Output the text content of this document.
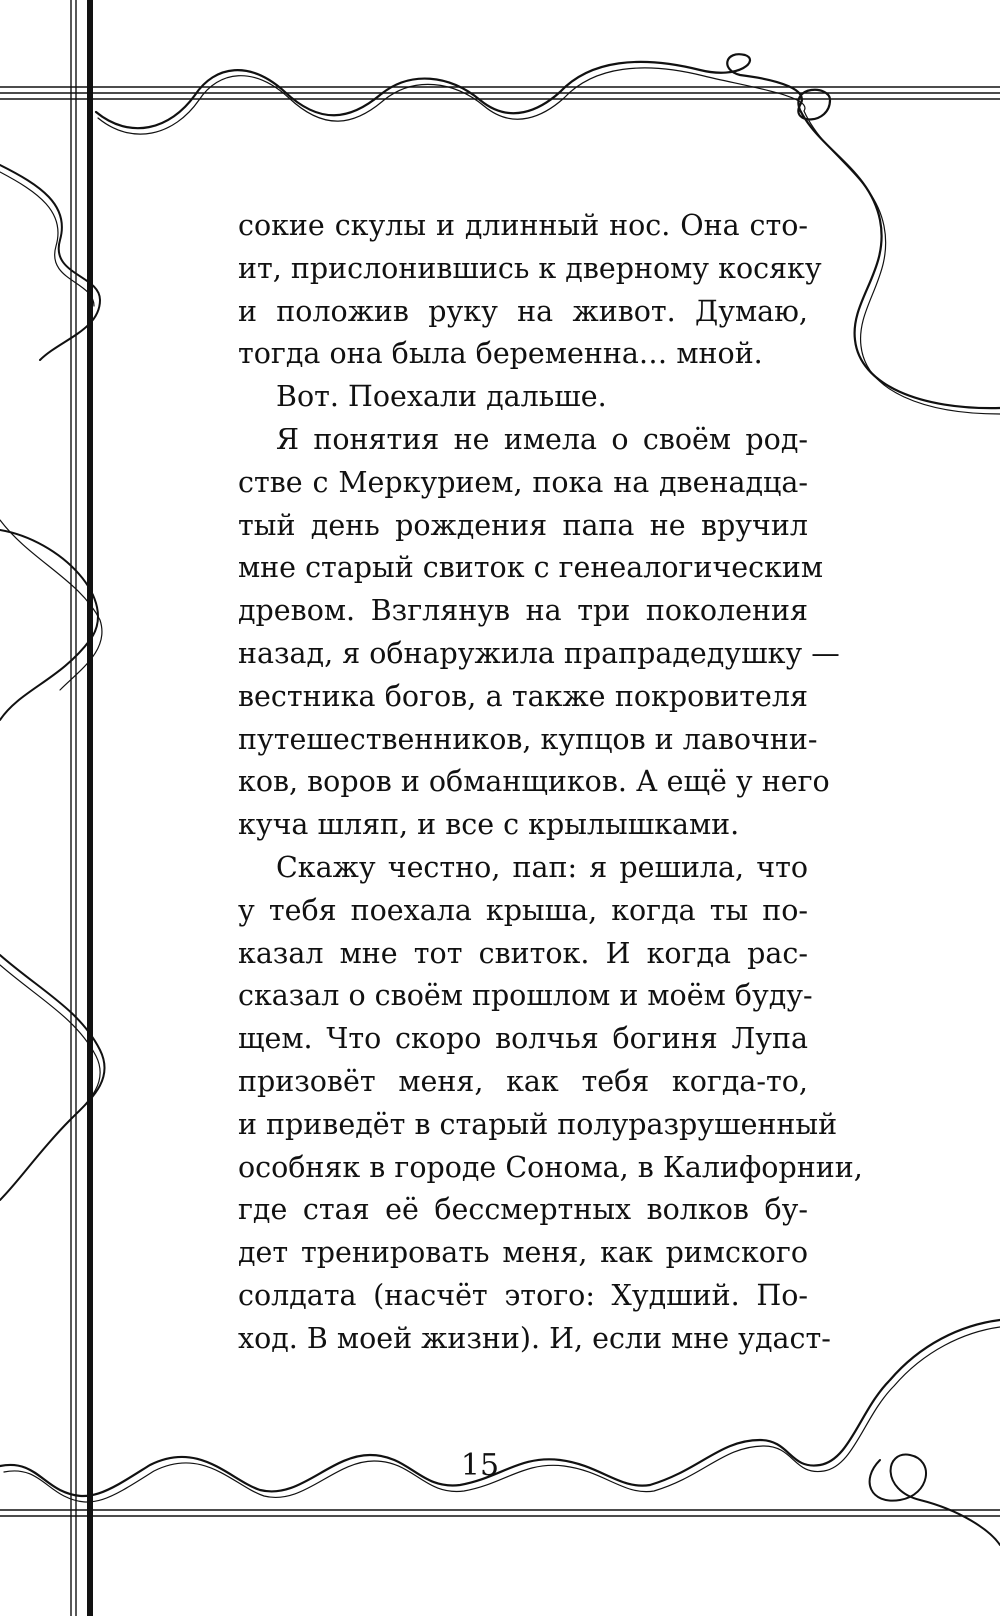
сокие скулы и длинный нос. Она сто-
ит, прислонившись к дверному косяку
и положив руку на живот. Думаю,
тогда она была беременна… мной.
Вот. Поехали дальше.
Я понятия не имела о своём род-
стве с Меркурием, пока на двенадца-
тый день рождения папа не вручил
мне старый свиток с генеалогическим
древом. Взглянув на три поколения
назад, я обнаружила прапрадедушку —
вестника богов, а также покровителя
путешественников, купцов и лавочни-
ков, воров и обманщиков. А ещё у него
куча шляп, и все с крылышками.
Скажу честно, пап: я решила, что
у тебя поехала крыша, когда ты по-
казал мне тот свиток. И когда рас-
сказал о своём прошлом и моём буду-
щем. Что скоро волчья богиня Лупа
призовёт меня, как тебя когда-то,
и приведёт в старый полуразрушенный
особняк в городе Сонома, в Калифорнии,
где стая её бессмертных волков бу-
дет тренировать меня, как римского
солдата (насчёт этого: Худший. По-
ход. В моей жизни). И, если мне удаст-
15
